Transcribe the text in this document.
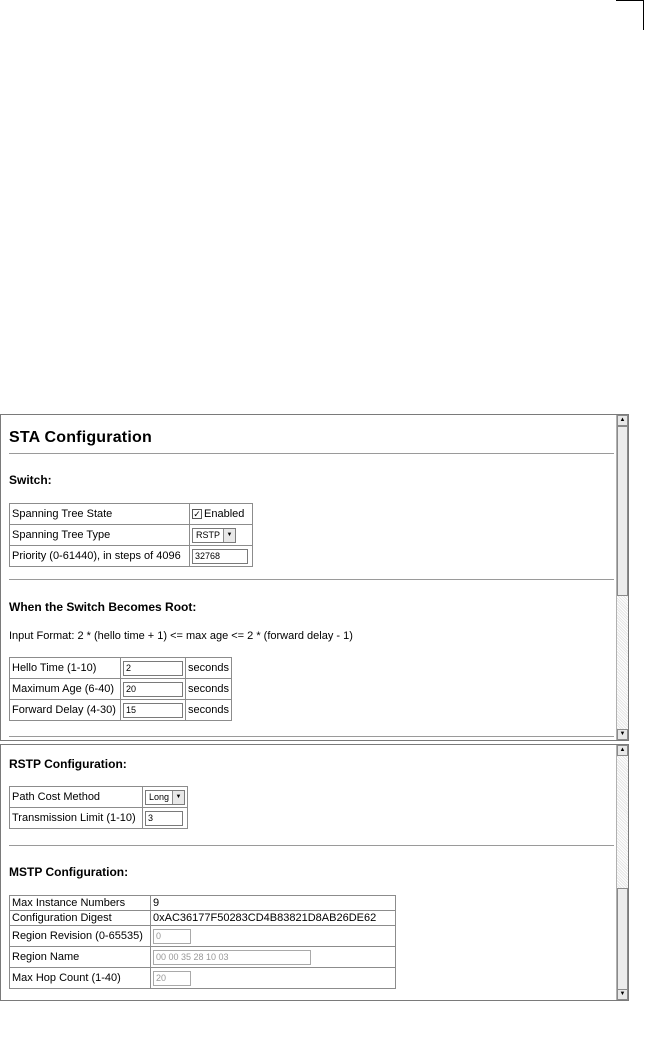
STA Configuration
Switch:
Spanning Tree State	✓ Enabled
Spanning Tree Type	RSTP ▼

Priority (0-61440), in steps of 4096	32768
When the Switch Becomes Root:
Input Format: 2 * (hello time + 1) <= max age <= 2 * (forward delay - 1)
Hello Time (1-10)	2	seconds
Maximum Age (6-40)	20	seconds
Forward Delay (4-30)	15	seconds
▲
▼
RSTP Configuration:
Path Cost Method	Long ▼

Transmission Limit (1-10)	3
MSTP Configuration:
Max Instance Numbers	9
Configuration Digest	0xAC36177F50283CD4B83821D8AB26DE62
Region Revision (0-65535)	0
Region Name	00 00 35 28 10 03
Max Hop Count (1-40)	20
▲
▼
